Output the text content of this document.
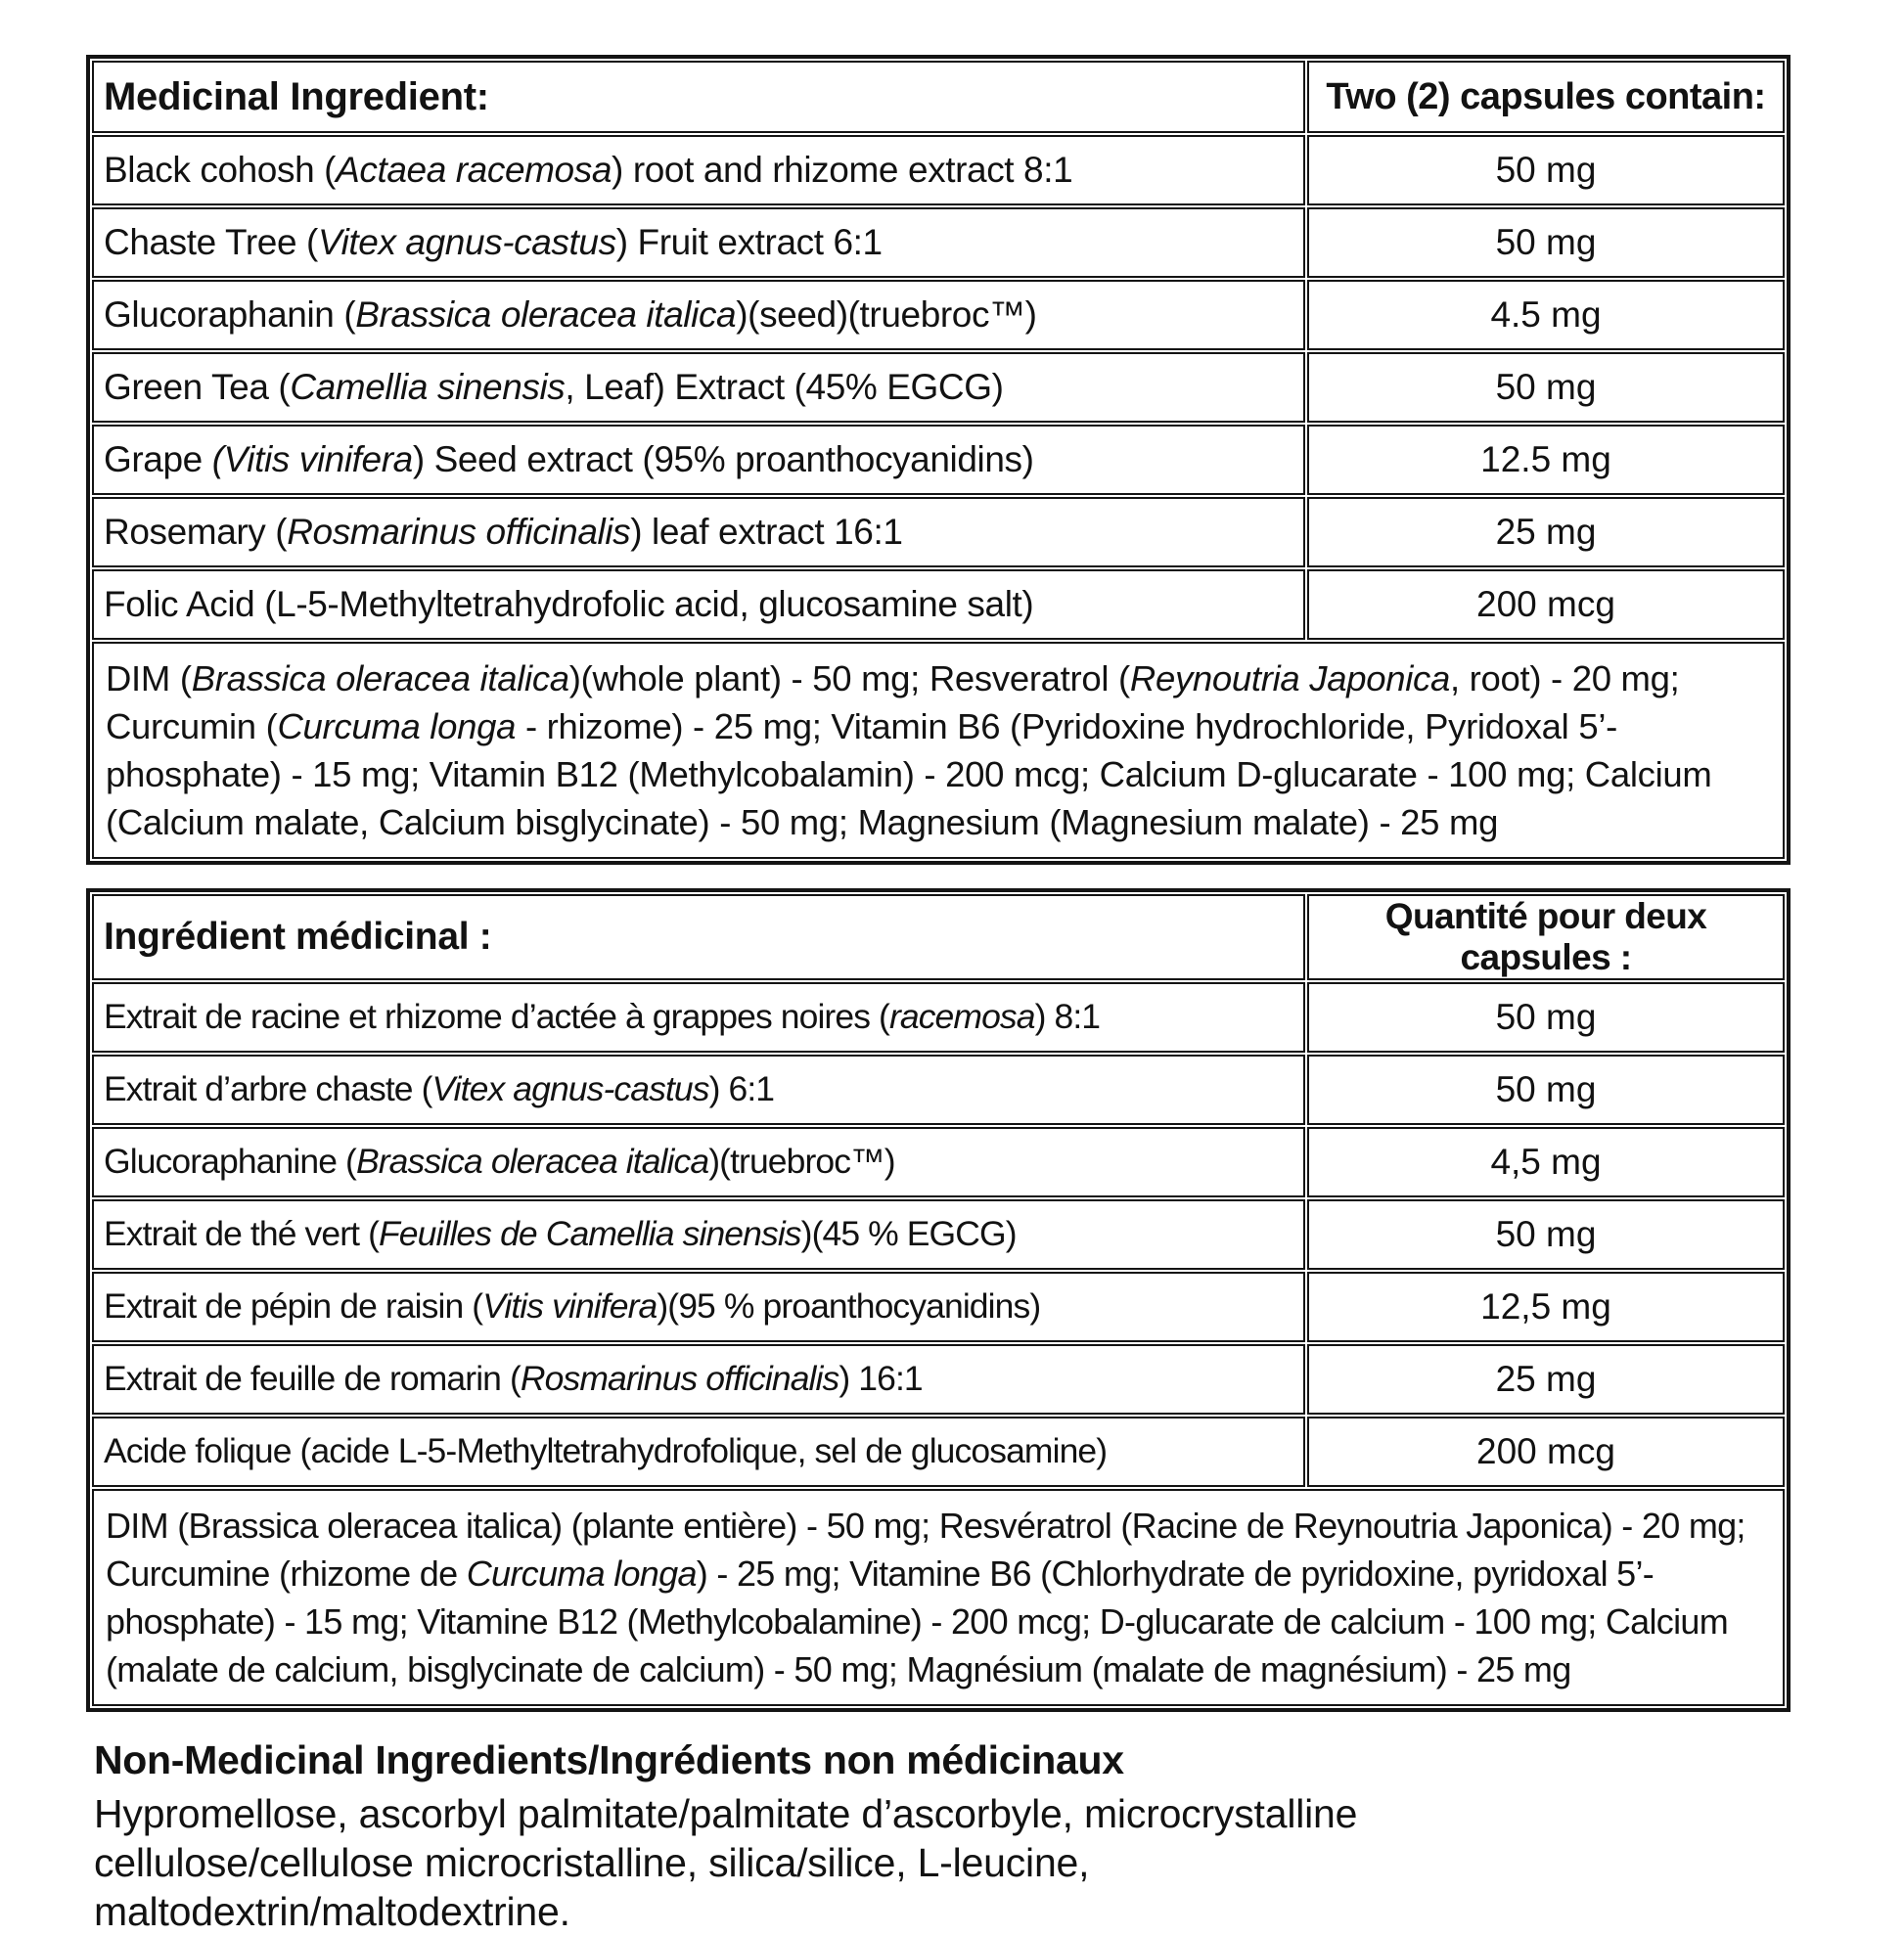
Medicinal Ingredient:	Two (2) capsules contain:
Black cohosh (Actaea racemosa) root and rhizome extract 8:1	50 mg
Chaste Tree (Vitex agnus-castus) Fruit extract 6:1	50 mg
Glucoraphanin (Brassica oleracea italica)(seed)(truebroc™)	4.5 mg
Green Tea (Camellia sinensis, Leaf) Extract (45% EGCG)	50 mg
Grape (Vitis vinifera) Seed extract (95% proanthocyanidins)	12.5 mg
Rosemary (Rosmarinus officinalis) leaf extract 16:1	25 mg
Folic Acid (L-5-Methyltetrahydrofolic acid, glucosamine salt)	200 mcg
DIM (Brassica oleracea italica)(whole plant) - 50 mg; Resveratrol (Reynoutria Japonica, root) - 20 mg; Curcumin (Curcuma longa - rhizome) - 25 mg; Vitamin B6 (Pyridoxine hydrochloride, Pyridoxal 5’-phosphate) - 15 mg; Vitamin B12 (Methylcobalamin) - 200 mcg; Calcium D-glucarate - 100 mg; Calcium (Calcium malate, Calcium bisglycinate) - 50 mg; Magnesium (Magnesium malate) - 25 mg	
Ingrédient médicinal :	Quantité pour deux capsules :
Extrait de racine et rhizome d’actée à grappes noires (racemosa) 8:1	50 mg
Extrait d’arbre chaste (Vitex agnus-castus) 6:1	50 mg
Glucoraphanine (Brassica oleracea italica)(truebroc™)	4,5 mg
Extrait de thé vert (Feuilles de Camellia sinensis)(45 % EGCG)	50 mg
Extrait de pépin de raisin (Vitis vinifera)(95 % proanthocyanidins)	12,5 mg
Extrait de feuille de romarin (Rosmarinus officinalis) 16:1	25 mg
Acide folique (acide L-5-Methyltetrahydrofolique, sel de glucosamine)	200 mcg
DIM (Brassica oleracea italica) (plante entière) - 50 mg; Resvératrol (Racine de Reynoutria Japonica) - 20 mg; Curcumine (rhizome de Curcuma longa) - 25 mg; Vitamine B6 (Chlorhydrate de pyridoxine, pyridoxal 5’-phosphate) - 15 mg; Vitamine B12 (Methylcobalamine) - 200 mcg; D-glucarate de calcium - 100 mg; Calcium (malate de calcium, bisglycinate de calcium) - 50 mg; Magnésium (malate de magnésium) - 25 mg	
Non-Medicinal Ingredients/Ingrédients non médicinaux
Hypromellose, ascorbyl palmitate/palmitate d’ascorbyle, microcrystalline
cellulose/cellulose microcristalline, silica/silice, L-leucine,
maltodextrin/maltodextrine.
